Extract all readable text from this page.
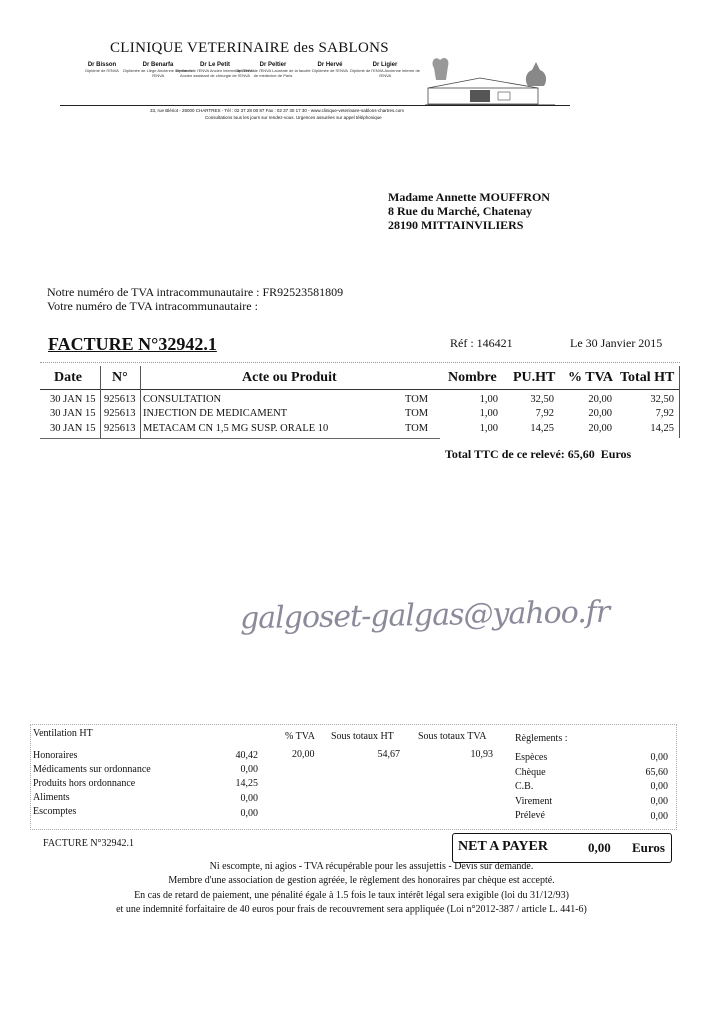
CLINIQUE VETERINAIRE des SABLONS
Dr Bisson
Diplômé de l'ENVA
Dr Benarfa
Diplômée de Liège Ancienne interne de l'ENVA
Dr Le Petit
Diplômé de l'ENVA Ancien interne de l'ENVA Ancien assistant de chirurgie de l'ENVA
Dr Peltier
Diplômée de l'ENVA Lauréate de la faculté de médecine de Paris
Dr Hervé
Diplômée de l'ENVA
Dr Ligier
Diplômé de l'ENVA Ancienne interne de l'ENVA
33, rue Blériot - 28000 CHARTRES - Tél : 02 37 28 00 87 Fax : 02 37 30 17 30 - www.clinique-veterinaire-sablons-chartres.com
Consultations tous les jours sur rendez-vous. Urgences assurées sur appel téléphonique
Madame Annette MOUFFRON
8 Rue du Marché, Chatenay
28190 MITTAINVILIERS
Notre numéro de TVA intracommunautaire : FR92523581809
Votre numéro de TVA intracommunautaire :
FACTURE N°32942.1	Réf : 146421	Le 30 Janvier 2015
Date N°	Acte ou Produit	Nombre PU.HT % TVA Total HT
30 JAN 15 925613 CONSULTATION	TOM	1,00	32,50	20,00	32,50
30 JAN 15 925613 INJECTION DE MEDICAMENT	TOM	1,00	7,92	20,00	7,92
30 JAN 15 925613 METACAM CN 1,5 MG SUSP. ORALE 10	TOM	1,00	14,25	20,00	14,25
Total TTC de ce relevé: 65,60 Euros
galgoset-galgas@yahoo.fr
Ventilation HT
Honoraires	40,42
Médicaments sur ordonnance	0,00
Produits hors ordonnance	14,25
Aliments	0,00
Escomptes	0,00
% TVA Sous totaux HT Sous totaux TVA
20,00	54,67	10,93
Règlements :
Espèces	0,00
Chèque	65,60
C.B.	0,00
Virement	0,00
Prélevé	0,00
FACTURE N°32942.1	NET A PAYER	0,00 Euros
Ni escompte, ni agios - TVA récupérable pour les assujettis - Devis sur demande.
Membre d'une association de gestion agréée, le règlement des honoraires par chèque est accepté.
En cas de retard de paiement, une pénalité égale à 1.5 fois le taux intérêt légal sera exigible (loi du 31/12/93)
et une indemnité forfaitaire de 40 euros pour frais de recouvrement sera appliquée (Loi n°2012-387 / article L. 441-6)
